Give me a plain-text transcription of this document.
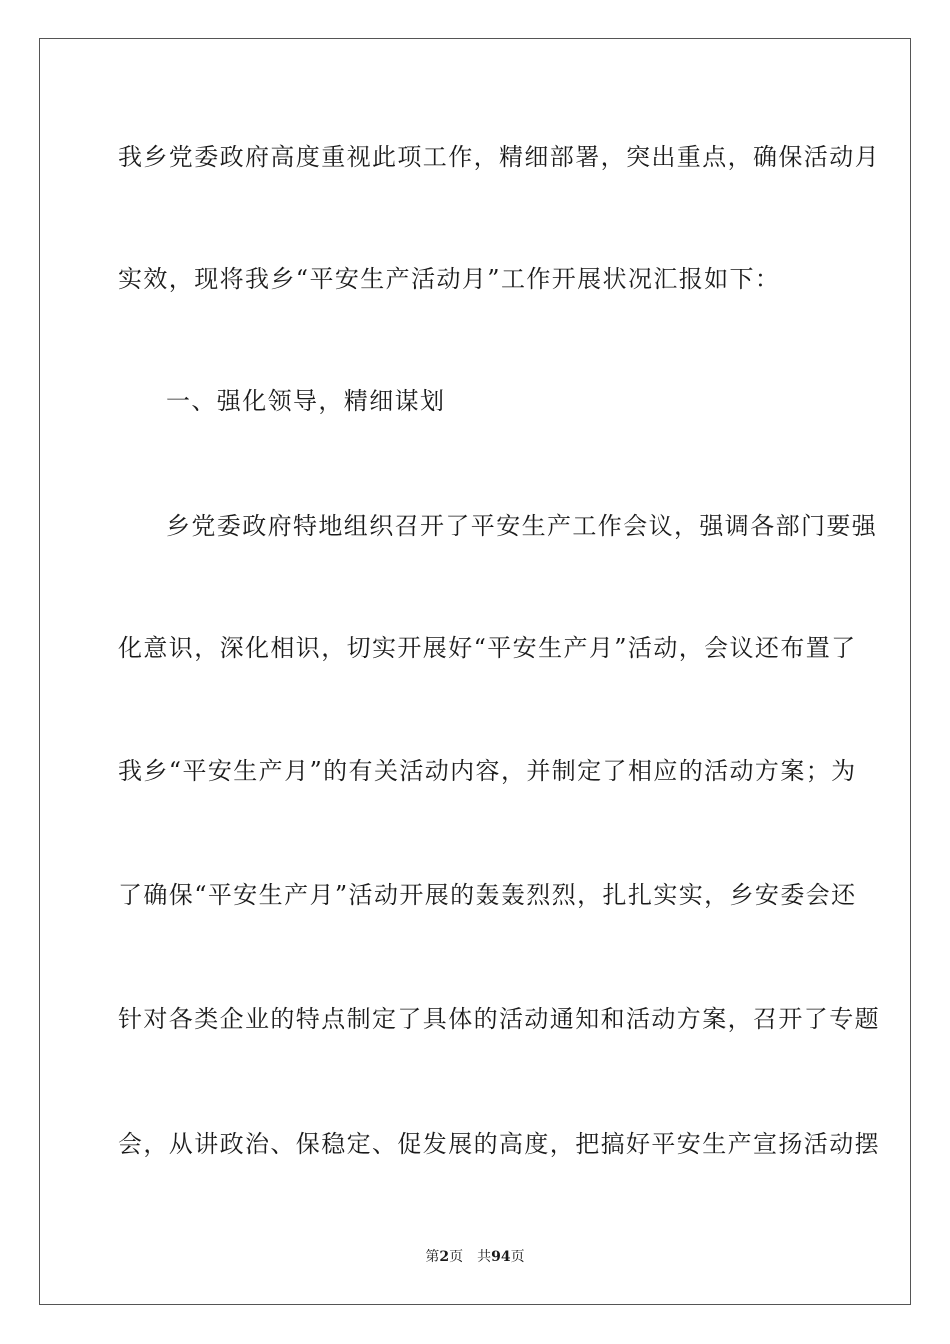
我乡党委政府高度重视此项工作，精细部署，突出重点，确保活动月
实效，现将我乡“平安生产活动月”工作开展状况汇报如下：
一、强化领导，精细谋划
乡党委政府特地组织召开了平安生产工作会议，强调各部门要强
化意识，深化相识，切实开展好“平安生产月”活动，会议还布置了
我乡“平安生产月”的有关活动内容，并制定了相应的活动方案；为
了确保“平安生产月”活动开展的轰轰烈烈，扎扎实实，乡安委会还
针对各类企业的特点制定了具体的活动通知和活动方案，召开了专题
会，从讲政治、保稳定、促发展的高度，把搞好平安生产宣扬活动摆
第2页 共94页
